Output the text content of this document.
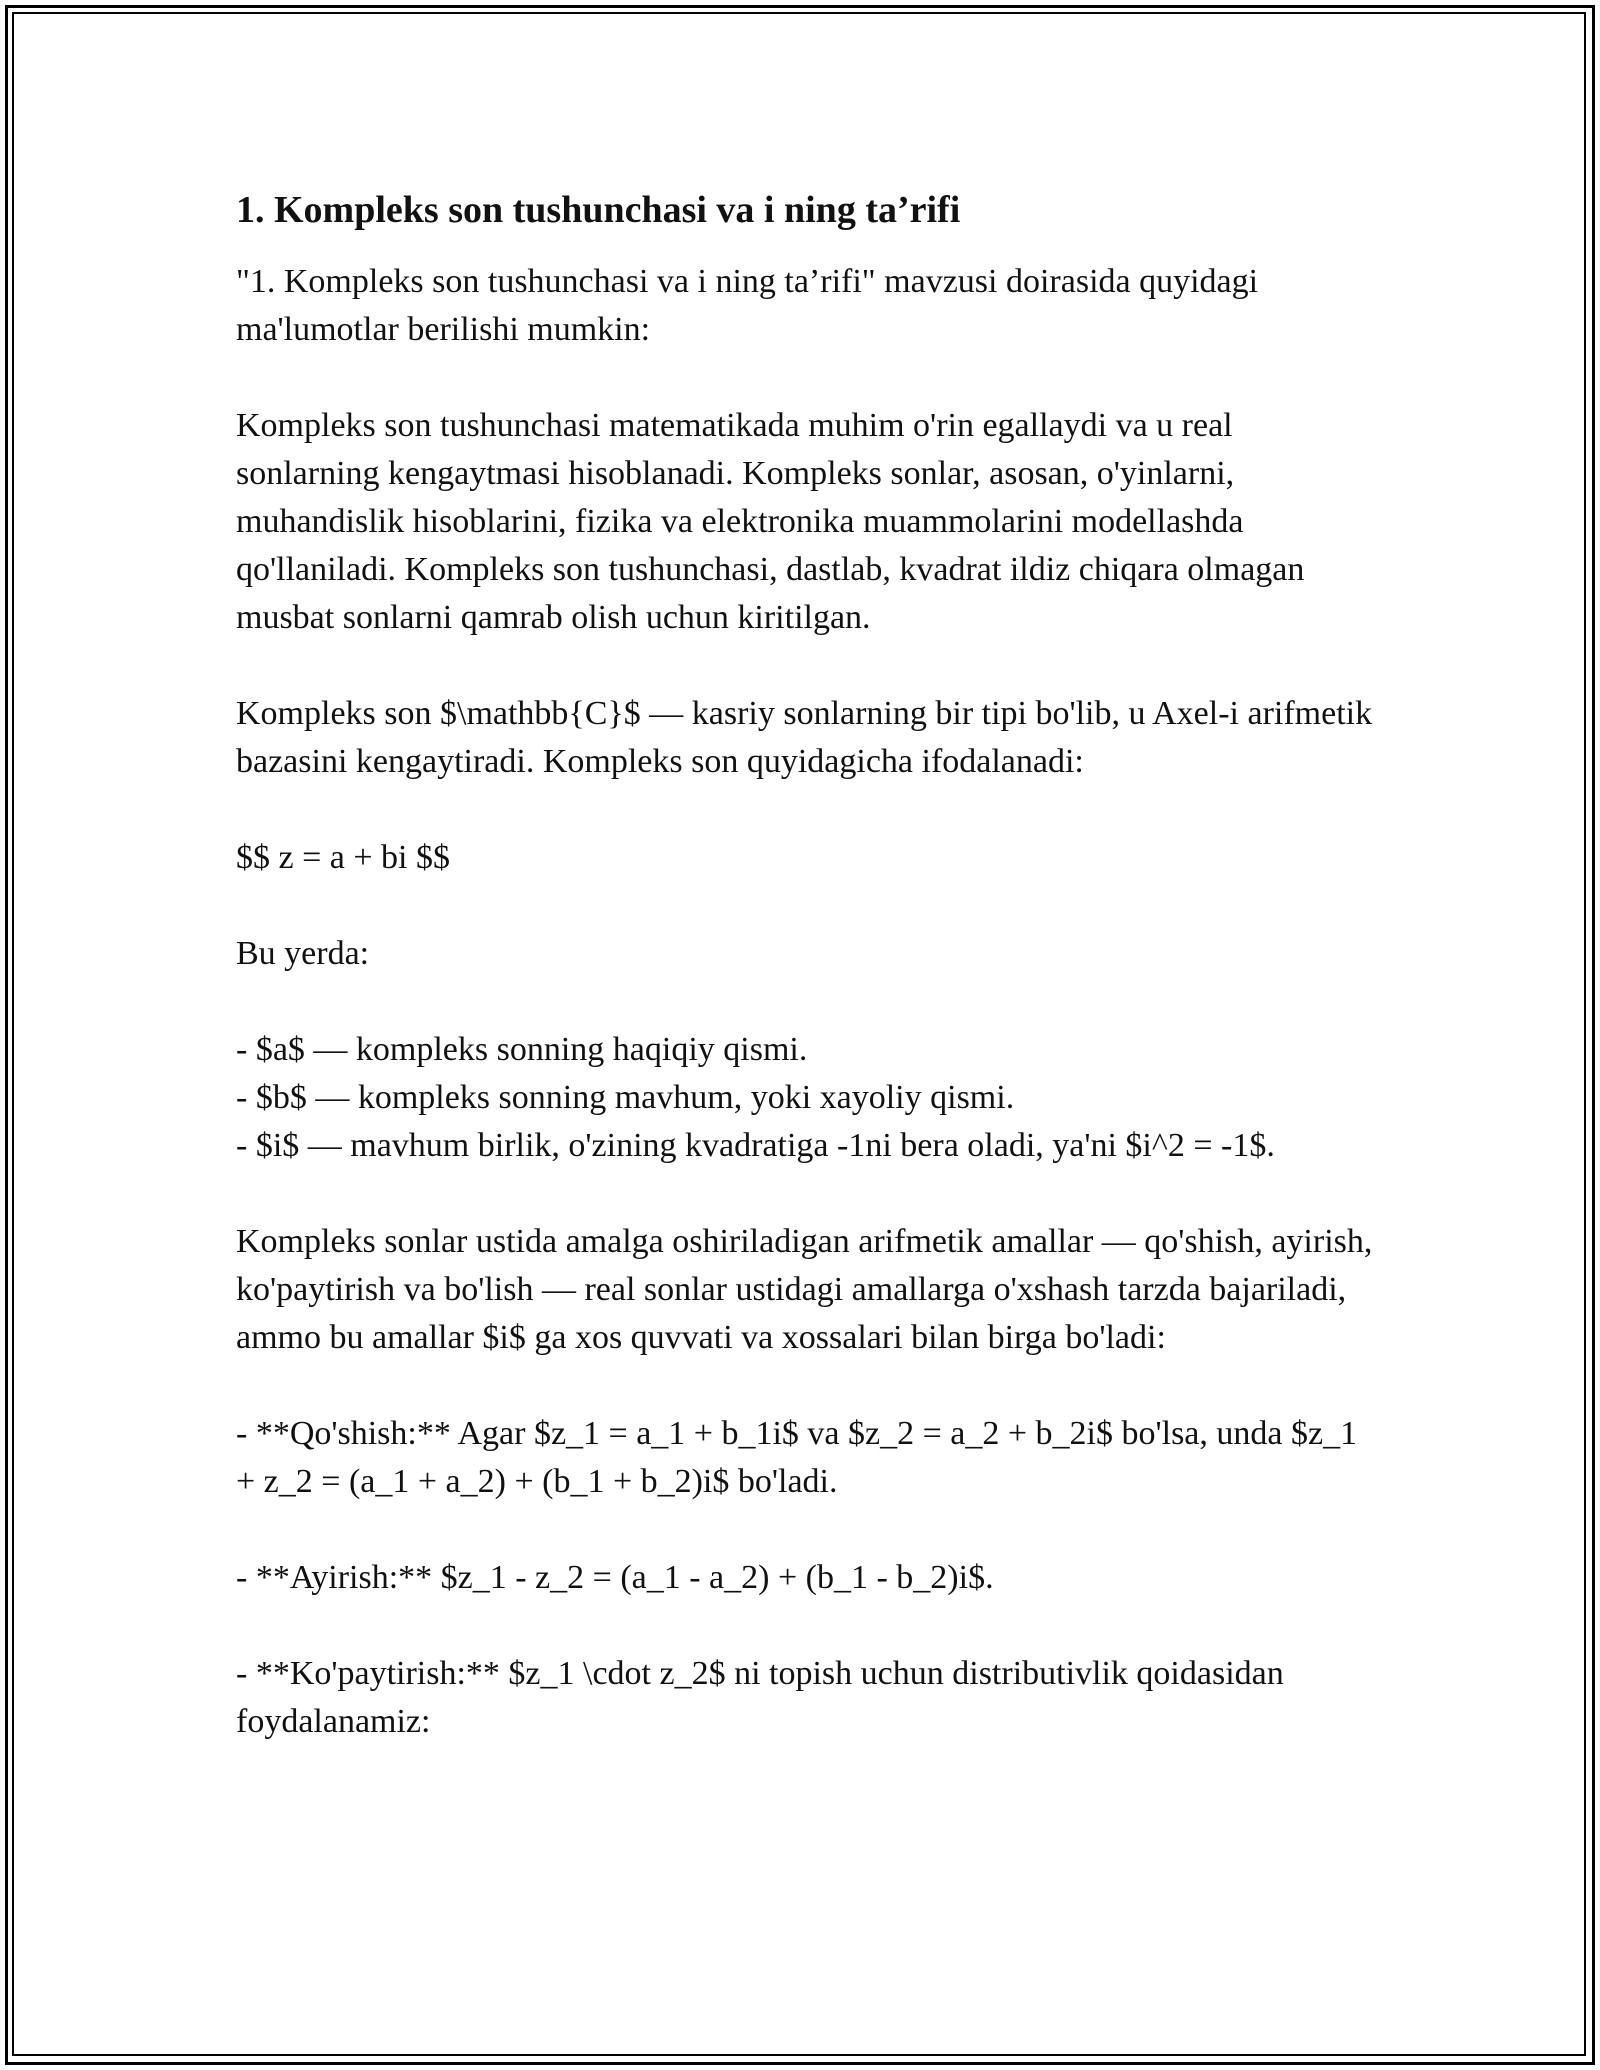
1. Kompleks son tushunchasi va i ning ta’rifi

"1. Kompleks son tushunchasi va i ning ta’rifi" mavzusi doirasida quyidagi ma'lumotlar berilishi mumkin:

Kompleks son tushunchasi matematikada muhim o'rin egallaydi va u real sonlarning kengaytmasi hisoblanadi. Kompleks sonlar, asosan, o'yinlarni, muhandislik hisoblarini, fizika va elektronika muammolarini modellashda qo'llaniladi. Kompleks son tushunchasi, dastlab, kvadrat ildiz chiqara olmagan musbat sonlarni qamrab olish uchun kiritilgan.

Kompleks son $\mathbb{C}$ — kasriy sonlarning bir tipi bo'lib, u Axel-i arifmetik bazasini kengaytiradi. Kompleks son quyidagicha ifodalanadi:

$$ z = a + bi $$

Bu yerda:

- $a$ — kompleks sonning haqiqiy qismi.
- $b$ — kompleks sonning mavhum, yoki xayoliy qismi.
- $i$ — mavhum birlik, o'zining kvadratiga -1ni bera oladi, ya'ni $i^2 = -1$.

Kompleks sonlar ustida amalga oshiriladigan arifmetik amallar — qo'shish, ayirish, ko'paytirish va bo'lish — real sonlar ustidagi amallarga o'xshash tarzda bajariladi, ammo bu amallar $i$ ga xos quvvati va xossalari bilan birga bo'ladi:

- **Qo'shish:** Agar $z_1 = a_1 + b_1i$ va $z_2 = a_2 + b_2i$ bo'lsa, unda $z_1 + z_2 = (a_1 + a_2) + (b_1 + b_2)i$ bo'ladi.

- **Ayirish:** $z_1 - z_2 = (a_1 - a_2) + (b_1 - b_2)i$.

- **Ko'paytirish:** $z_1 \cdot z_2$ ni topish uchun distributivlik qoidasidan foydalanamiz:
